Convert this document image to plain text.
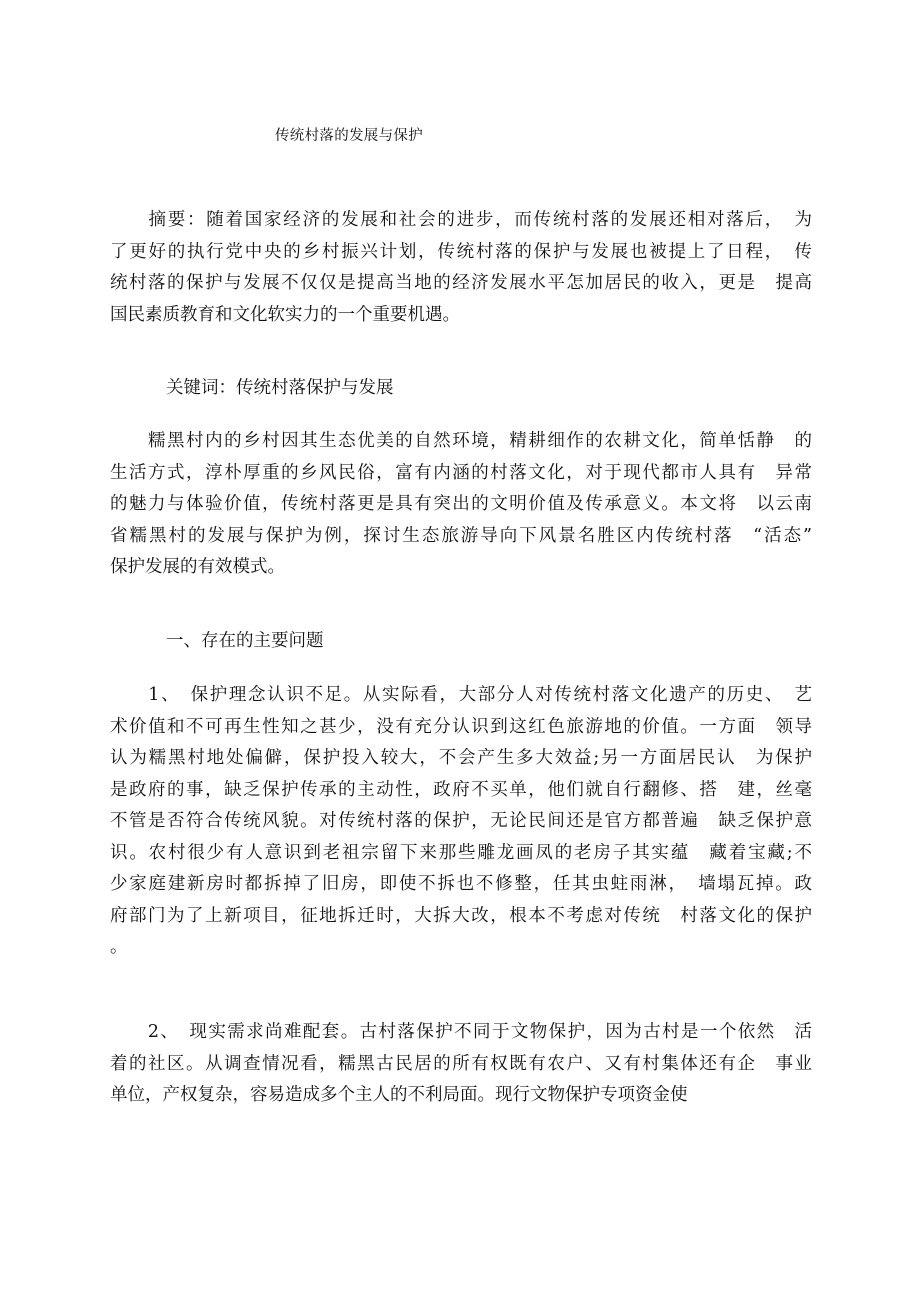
传统村落的发展与保护

　　摘要：随着国家经济的发展和社会的进步，而传统村落的发展还相对落后，　为
了更好的执行党中央的乡村振兴计划，传统村落的保护与发展也被提上了日程，　传
统村落的保护与发展不仅仅是提高当地的经济发展水平怎加居民的收入，更是　提高
国民素质教育和文化软实力的一个重要机遇。

关键词：传统村落保护与发展

　　糯黑村内的乡村因其生态优美的自然环境，精耕细作的农耕文化，简单恬静　的
生活方式，淳朴厚重的乡风民俗，富有内涵的村落文化，对于现代都市人具有　异常
的魅力与体验价值，传统村落更是具有突出的文明价值及传承意义。本文将　以云南
省糯黑村的发展与保护为例，探讨生态旅游导向下风景名胜区内传统村落　“活态”
保护发展的有效模式。

一、存在的主要问题

　　1、　保护理念认识不足。从实际看，大部分人对传统村落文化遗产的历史、　艺
术价值和不可再生性知之甚少，没有充分认识到这红色旅游地的价值。一方面　领导
认为糯黑村地处偏僻，保护投入较大，不会产生多大效益;另一方面居民认　为保护
是政府的事，缺乏保护传承的主动性，政府不买单，他们就自行翻修、搭　建，丝毫
不管是否符合传统风貌。对传统村落的保护，无论民间还是官方都普遍　缺乏保护意
识。农村很少有人意识到老祖宗留下来那些雕龙画凤的老房子其实蕴　藏着宝藏;不
少家庭建新房时都拆掉了旧房，即使不拆也不修整，任其虫蛀雨淋，　墙塌瓦掉。政
府部门为了上新项目，征地拆迁时，大拆大改，根本不考虑对传统　村落文化的保护
。
　　2、　现实需求尚难配套。古村落保护不同于文物保护，因为古村是一个依然　活
着的社区。从调查情况看，糯黑古民居的所有权既有农户、又有村集体还有企　事业
单位，产权复杂，容易造成多个主人的不利局面。现行文物保护专项资金使
